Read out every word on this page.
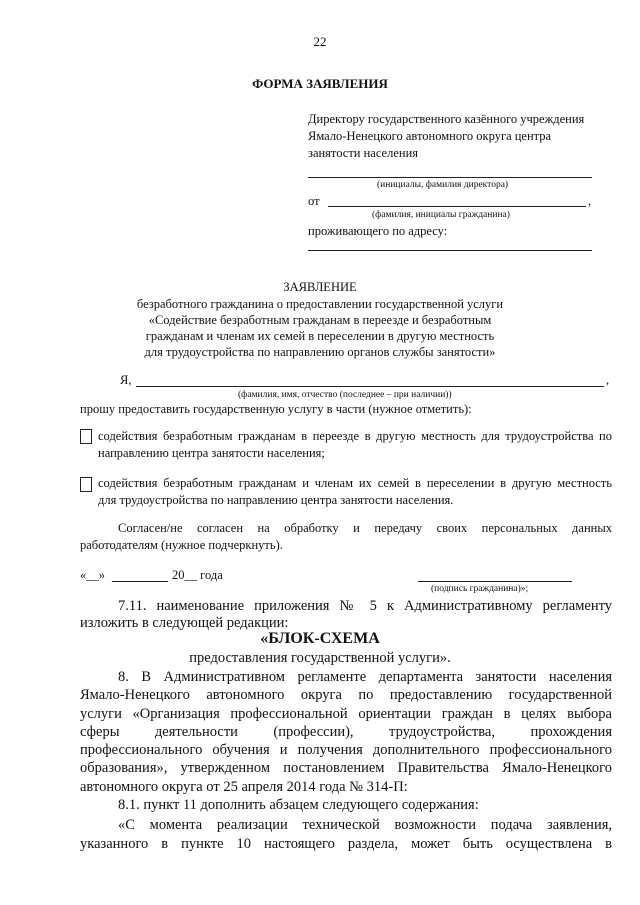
22
ФОРМА ЗАЯВЛЕНИЯ
Директору государственного казённого учреждения
Ямало-Ненецкого автономного округа центра
занятости населения
(инициалы, фамилия директора)
от	,
(фамилия, инициалы гражданина)
проживающего по адресу:
ЗАЯВЛЕНИЕ
безработного гражданина о предоставлении государственной услуги
«Содействие безработным гражданам в переезде и безработным
гражданам и членам их семей в переселении в другую местность
для трудоустройства по направлению органов службы занятости»
Я,	,
(фамилия, имя, отчество (последнее – при наличии))
прошу предоставить государственную услугу в части (нужное отметить):
содействия безработным гражданам в переезде в другую местность для трудоустройства по
направлению центра занятости населения;
содействия безработным гражданам и членам их семей в переселении в другую местность
для трудоустройства по направлению центра занятости населения.
Согласен/не согласен на обработку и передачу своих персональных данных
работодателям (нужное подчеркнуть).
«__»	20__ года
(подпись гражданина)»;
7.11. наименование приложения № 5 к Административному регламенту
изложить в следующей редакции:
«БЛОК-СХЕМА
предоставления государственной услуги».
8. В Административном регламенте департамента занятости населения
Ямало-Ненецкого автономного округа по предоставлению государственной
услуги «Организация профессиональной ориентации граждан в целях выбора
сферы деятельности (профессии), трудоустройства, прохождения
профессионального обучения и получения дополнительного профессионального
образования», утвержденном постановлением Правительства Ямало-Ненецкого
автономного округа от 25 апреля 2014 года № 314-П:
8.1. пункт 11 дополнить абзацем следующего содержания:
«С момента реализации технической возможности подача заявления,
указанного в пункте 10 настоящего раздела, может быть осуществлена в
